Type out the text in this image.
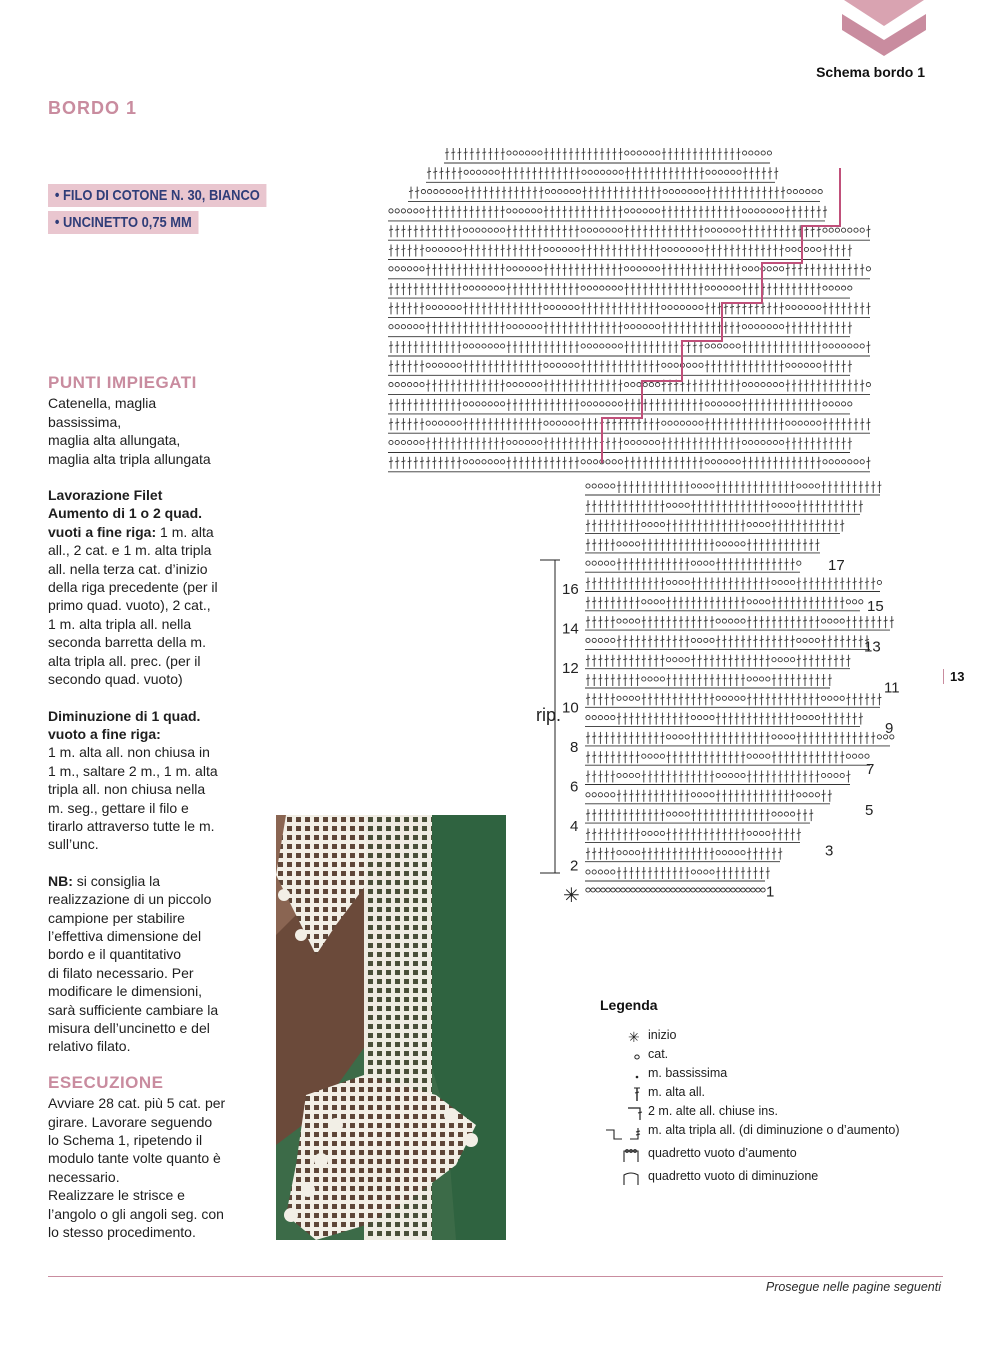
Schema bordo 1
BORDO 1
• FILO DI COTONE N. 30, BIANCO
• UNCINETTO 0,75 MM
PUNTI IMPIEGATI

Catenella, maglia
bassissima,
maglia alta allungata,
maglia alta tripla allungata

Lavorazione Filet
Aumento di 1 o 2 quad.
vuoti a fine riga: 1 m. alta
all., 2 cat. e 1 m. alta tripla
all. nella terza cat. d’inizio
della riga precedente (per il
primo quad. vuoto), 2 cat.,
1 m. alta tripla all. nella
seconda barretta della m.
alta tripla all. prec. (per il
secondo quad. vuoto)

Diminuzione di 1 quad.
vuoto a fine riga:
1 m. alta all. non chiusa in
1 m., saltare 2 m., 1 m. alta
tripla all. non chiusa nella
m. seg., gettare il filo e
tirarlo attraverso tutte le m.
sull’unc.

NB: si consiglia la
realizzazione di un piccolo
campione per stabilire
l’effettiva dimensione del
bordo e il quantitativo
di filato necessario. Per
modificare le dimensioni,
sarà sufficiente cambiare la
misura dell’uncinetto e del
relativo filato.

ESECUZIONE

Avviare 28 cat. più 5 cat. per
girare. Lavorare seguendo
lo Schema 1, ripetendo il
modulo tante volte quanto è
necessario.
Realizzare le strisce e
l’angolo o gli angoli seg. con
lo stesso procedimento.

16
14
12
10
8
6
4
2
17
15
13
11
9
7
5
3
1
rip.
✳
Legenda
✳ inizio
cat.
m. bassissima
m. alta all.
2 m. alte all. chiuse ins.
m. alta tripla all. (di diminuzione o d’aumento)
quadretto vuoto d’aumento
quadretto vuoto di diminuzione
13
Prosegue nelle pagine seguenti
